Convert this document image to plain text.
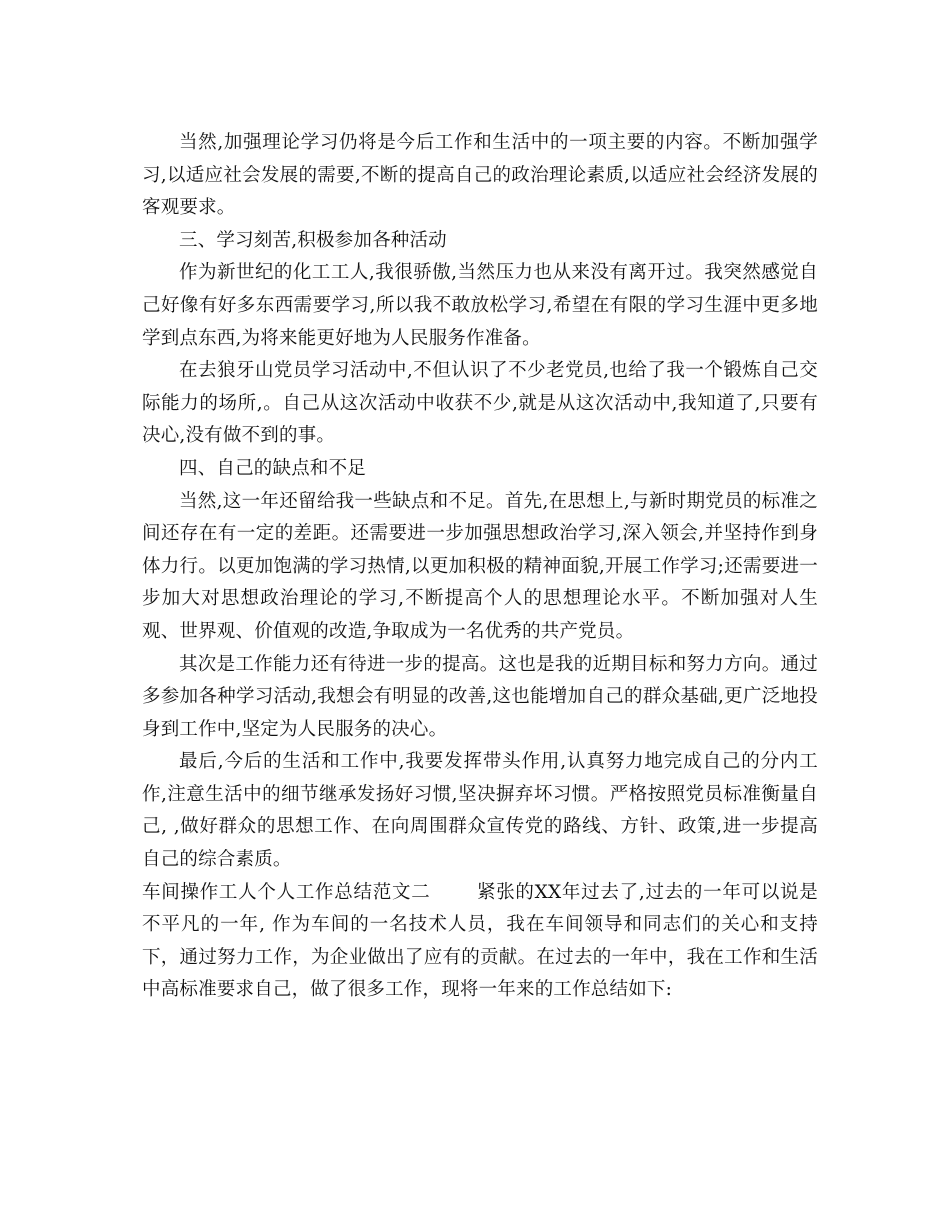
当然,加强理论学习仍将是今后工作和生活中的一项主要的内容。不断加强学习,以适应社会发展的需要,不断的提高自己的政治理论素质,以适应社会经济发展的客观要求。

三、学习刻苦,积极参加各种活动

作为新世纪的化工工人,我很骄傲,当然压力也从来没有离开过。我突然感觉自己好像有好多东西需要学习,所以我不敢放松学习,希望在有限的学习生涯中更多地学到点东西,为将来能更好地为人民服务作准备。

在去狼牙山党员学习活动中,不但认识了不少老党员,也给了我一个锻炼自己交际能力的场所,。自己从这次活动中收获不少,就是从这次活动中,我知道了,只要有决心,没有做不到的事。

四、自己的缺点和不足

当然,这一年还留给我一些缺点和不足。首先,在思想上,与新时期党员的标准之间还存在有一定的差距。还需要进一步加强思想政治学习,深入领会,并坚持作到身体力行。以更加饱满的学习热情,以更加积极的精神面貌,开展工作学习;还需要进一步加大对思想政治理论的学习,不断提高个人的思想理论水平。不断加强对人生观、世界观、价值观的改造,争取成为一名优秀的共产党员。

其次是工作能力还有待进一步的提高。这也是我的近期目标和努力方向。通过多参加各种学习活动,我想会有明显的改善,这也能增加自己的群众基础,更广泛地投身到工作中,坚定为人民服务的决心。

最后,今后的生活和工作中,我要发挥带头作用,认真努力地完成自己的分内工作,注意生活中的细节继承发扬好习惯,坚决摒弃坏习惯。严格按照党员标准衡量自己, ,做好群众的思想工作、在向周围群众宣传党的路线、方针、政策,进一步提高自己的综合素质。

车间操作工人个人工作总结范文二 紧张的XX年过去了,过去的一年可以说是不平凡的一年, 作为车间的一名技术人员，我在车间领导和同志们的关心和支持下，通过努力工作，为企业做出了应有的贡献。在过去的一年中，我在工作和生活中高标准要求自己，做了很多工作，现将一年来的工作总结如下:
